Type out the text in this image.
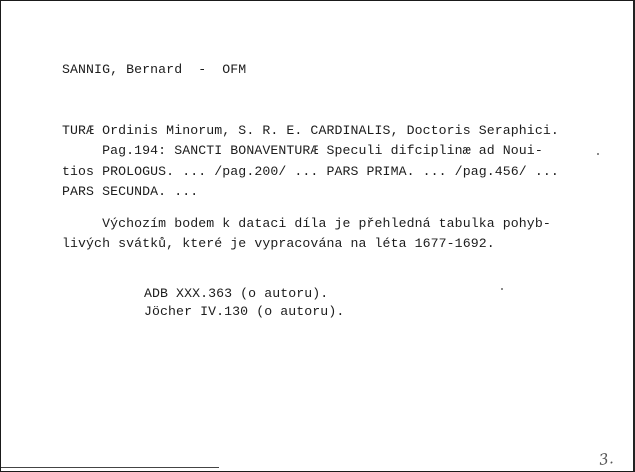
SANNIG, Bernard  -  OFM
TURÆ Ordinis Minorum, S. R. E. CARDINALIS, Doctoris Seraphici.
Pag.194: SANCTI BONAVENTURÆ Speculi difciplinæ ad Noui-
tios PROLOGUS. ... /pag.200/ ... PARS PRIMA. ... /pag.456/ ...
PARS SECUNDA. ...
Výchozím bodem k dataci díla je přehledná tabulka pohyb-
livých svátků, které je vypracována na léta 1677-1692.
ADB XXX.363 (o autoru).
Jöcher IV.130 (o autoru).
3.
